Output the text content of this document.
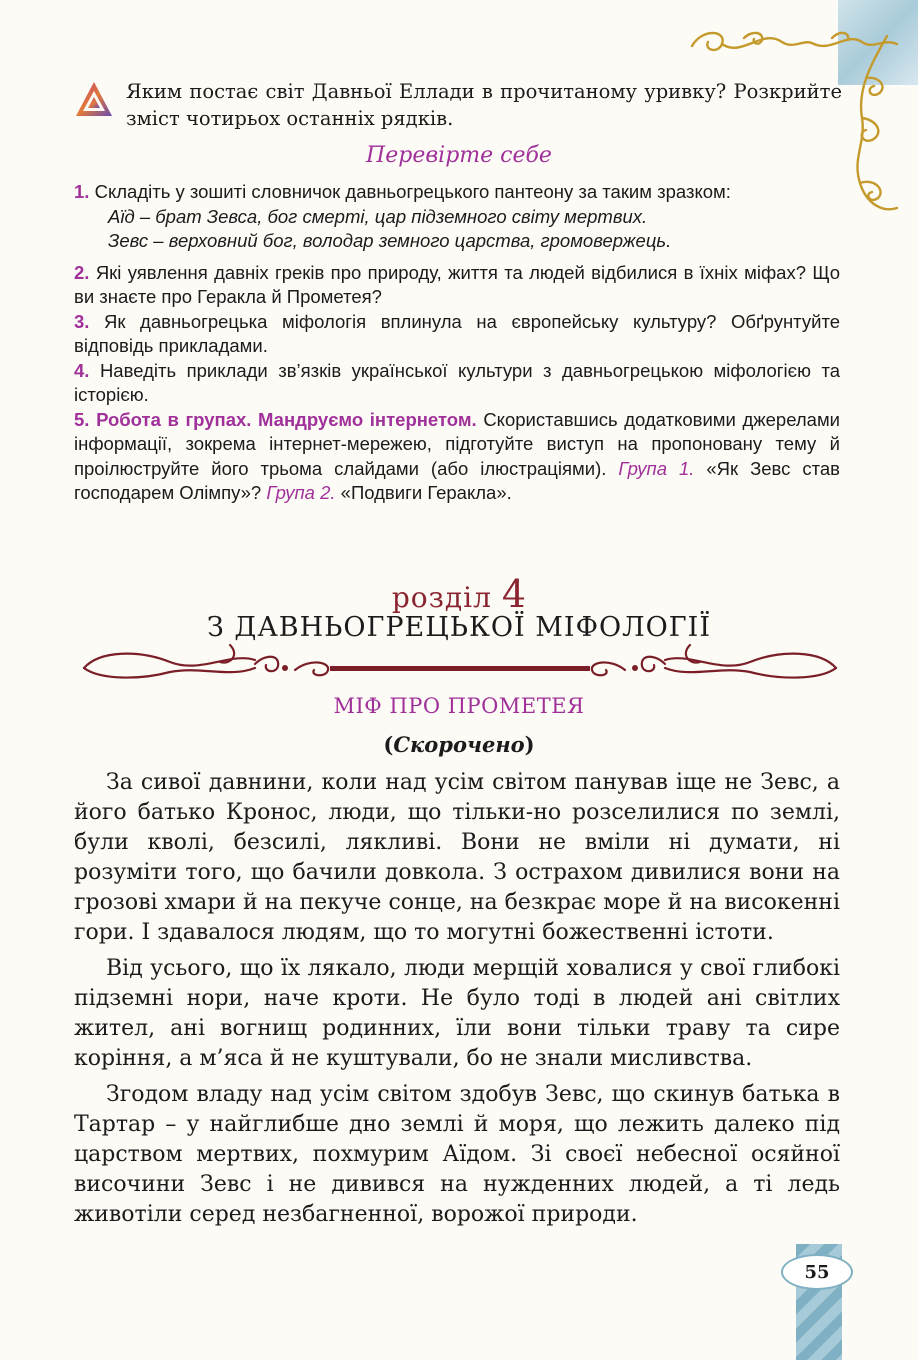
Яким постає світ Давньої Еллади в прочитаному уривку? Розкрийте зміст чотирьох останніх рядків.
Перевірте себе

1. Складіть у зошиті словничок давньогрецького пантеону за таким зразком:

Аїд – брат Зевса, бог смерті, цар підземного світу мертвих.

Зевс – верховний бог, володар земного царства, громовержець.

2. Які уявлення давніх греків про природу, життя та людей відбилися в їхніх міфах? Що ви знаєте про Геракла й Прометея?

3. Як давньогрецька міфологія вплинула на європейську культуру? Обґрунтуйте відповідь прикладами.

4. Наведіть приклади зв’язків української культури з давньогрецькою міфологією та історією.

5. Робота в групах. Мандруємо інтернетом. Скориставшись додатковими джерелами інформації, зокрема інтернет-мережею, підготуйте виступ на пропоновану тему й проілюструйте його трьома слайдами (або ілюстраціями). Група 1. «Як Зевс став господарем Олімпу»? Група 2. «Подвиги Геракла».

розділ 4
З ДАВНЬОГРЕЦЬКОЇ МІФОЛОГІЇ
МІФ ПРО ПРОМЕТЕЯ
(Скорочено)

За сивої давнини, коли над усім світом панував іще не Зевс, а його батько Кронос, люди, що тільки-но розселилися по землі, були кволі, безсилі, лякливі. Вони не вміли ні думати, ні розуміти того, що бачили довкола. З острахом дивилися вони на грозові хмари й на пекуче сонце, на безкрає море й на високенні гори. І здавалося людям, що то могутні божественні істоти.

Від усього, що їх лякало, люди мерщій ховалися у свої глибокі підземні нори, наче кроти. Не було тоді в людей ані світлих жител, ані вогнищ родинних, їли вони тільки траву та сире коріння, а м’яса й не куштували, бо не знали мисливства.

Згодом владу над усім світом здобув Зевс, що скинув батька в Тартар – у найглибше дно землі й моря, що лежить далеко під царством мертвих, похмурим Аїдом. Зі своєї небесної осяйної височини Зевс і не дивився на нужденних людей, а ті ледь животіли серед незбагненної, ворожої природи.

55
